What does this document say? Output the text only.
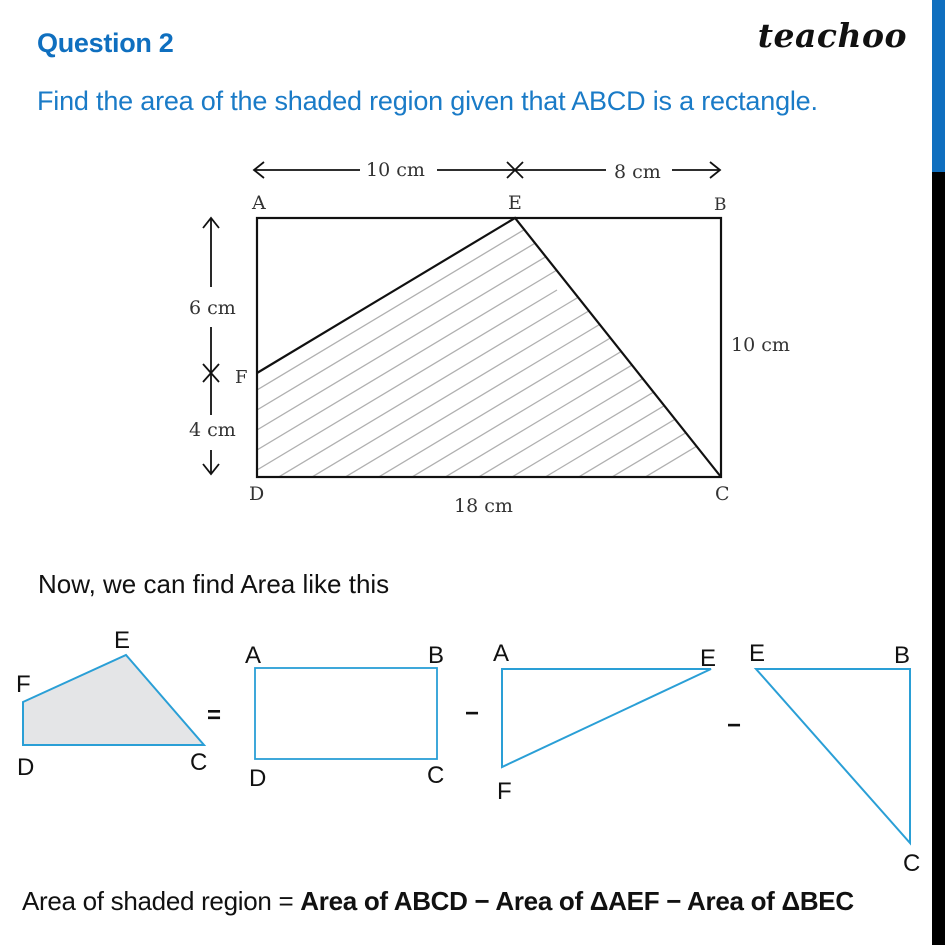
Question 2	teachoo
Find the area of the shaded region given that ABCD is a rectangle.
A	E	B
C
D
F
10 cm	8 cm
6 cm
4 cm
10 cm
18 cm
F
E
D	C
=
A	B
D	C
−
A	E
F
−
E	B
C
Now, we can find Area like this
Area of shaded region = Area of ABCD − Area of ΔAEF − Area of ΔBEC
